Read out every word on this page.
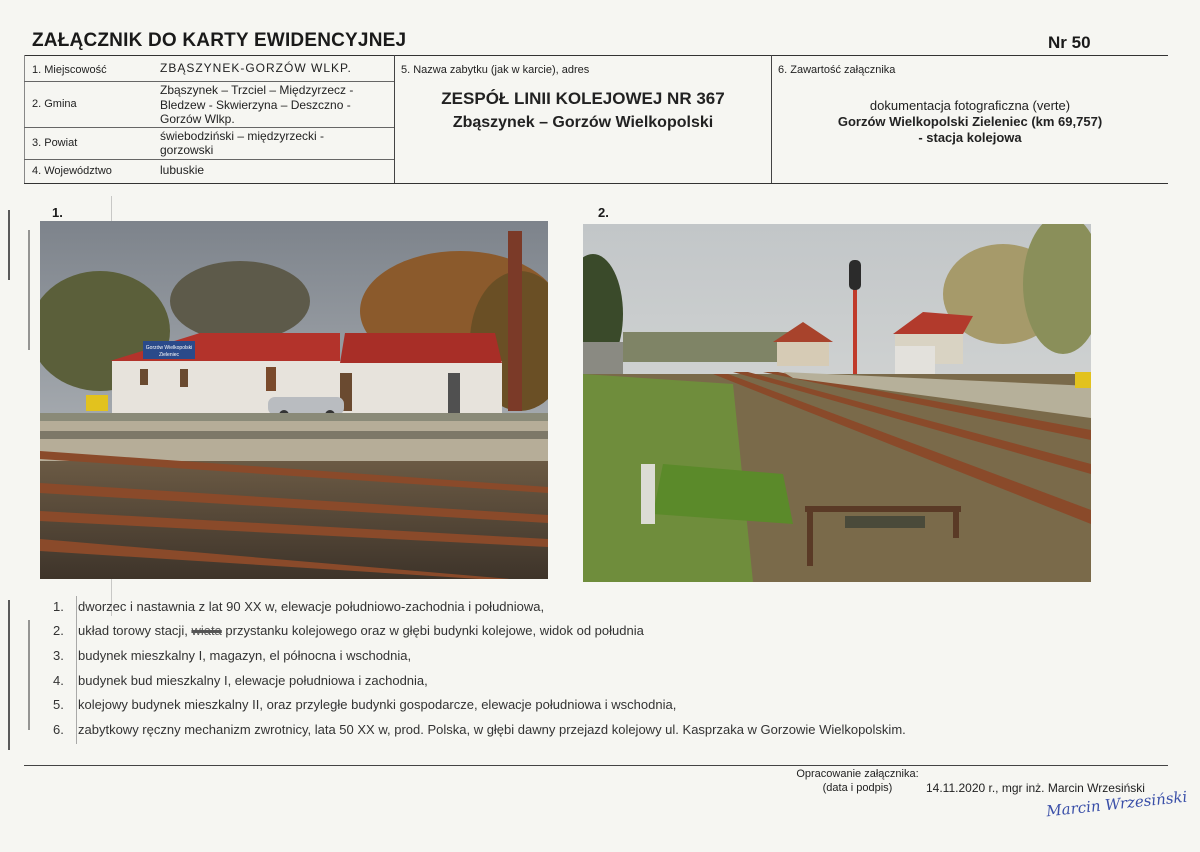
ZAŁĄCZNIK DO KARTY EWIDENCYJNEJ	Nr 50
1. Miejscowość	ZBĄSZYNEK-GORZÓW WLKP.
2. Gmina
Zbąszynek – Trzciel – Międzyrzecz -
Bledzew - Skwierzyna – Deszczno -
Gorzów Wlkp.
3. Powiat	świebodziński – międzyrzecki -
gorzowski
4. Województwo	lubuskie
5. Nazwa zabytku (jak w karcie), adres
ZESPÓŁ LINII KOLEJOWEJ NR 367
Zbąszynek – Gorzów Wielkopolski
6. Zawartość załącznika
dokumentacja fotograficzna (verte)
Gorzów Wielkopolski Zieleniec (km 69,757)
- stacja kolejowa
1.	2.
Gorzów Wielkopolski
Zieleniec
1. dworzec i nastawnia z lat 90 XX w, elewacje południowo-zachodnia i południowa,
2. układ torowy stacji, wiata przystanku kolejowego oraz w głębi budynki kolejowe, widok od południa
3. budynek mieszkalny I, magazyn, el północna i wschodnia,
4. budynek bud mieszkalny I, elewacje południowa i zachodnia,
5. kolejowy budynek mieszkalny II, oraz przyległe budynki gospodarcze, elewacje południowa i wschodnia,
6. zabytkowy ręczny mechanizm zwrotnicy, lata 50 XX w, prod. Polska, w głębi dawny przejazd kolejowy ul. Kasprzaka w Gorzowie Wielkopolskim.
Opracowanie załącznika:
(data i podpis)	14.11.2020 r., mgr inż. Marcin Wrzesiński
Marcin Wrzesiński
